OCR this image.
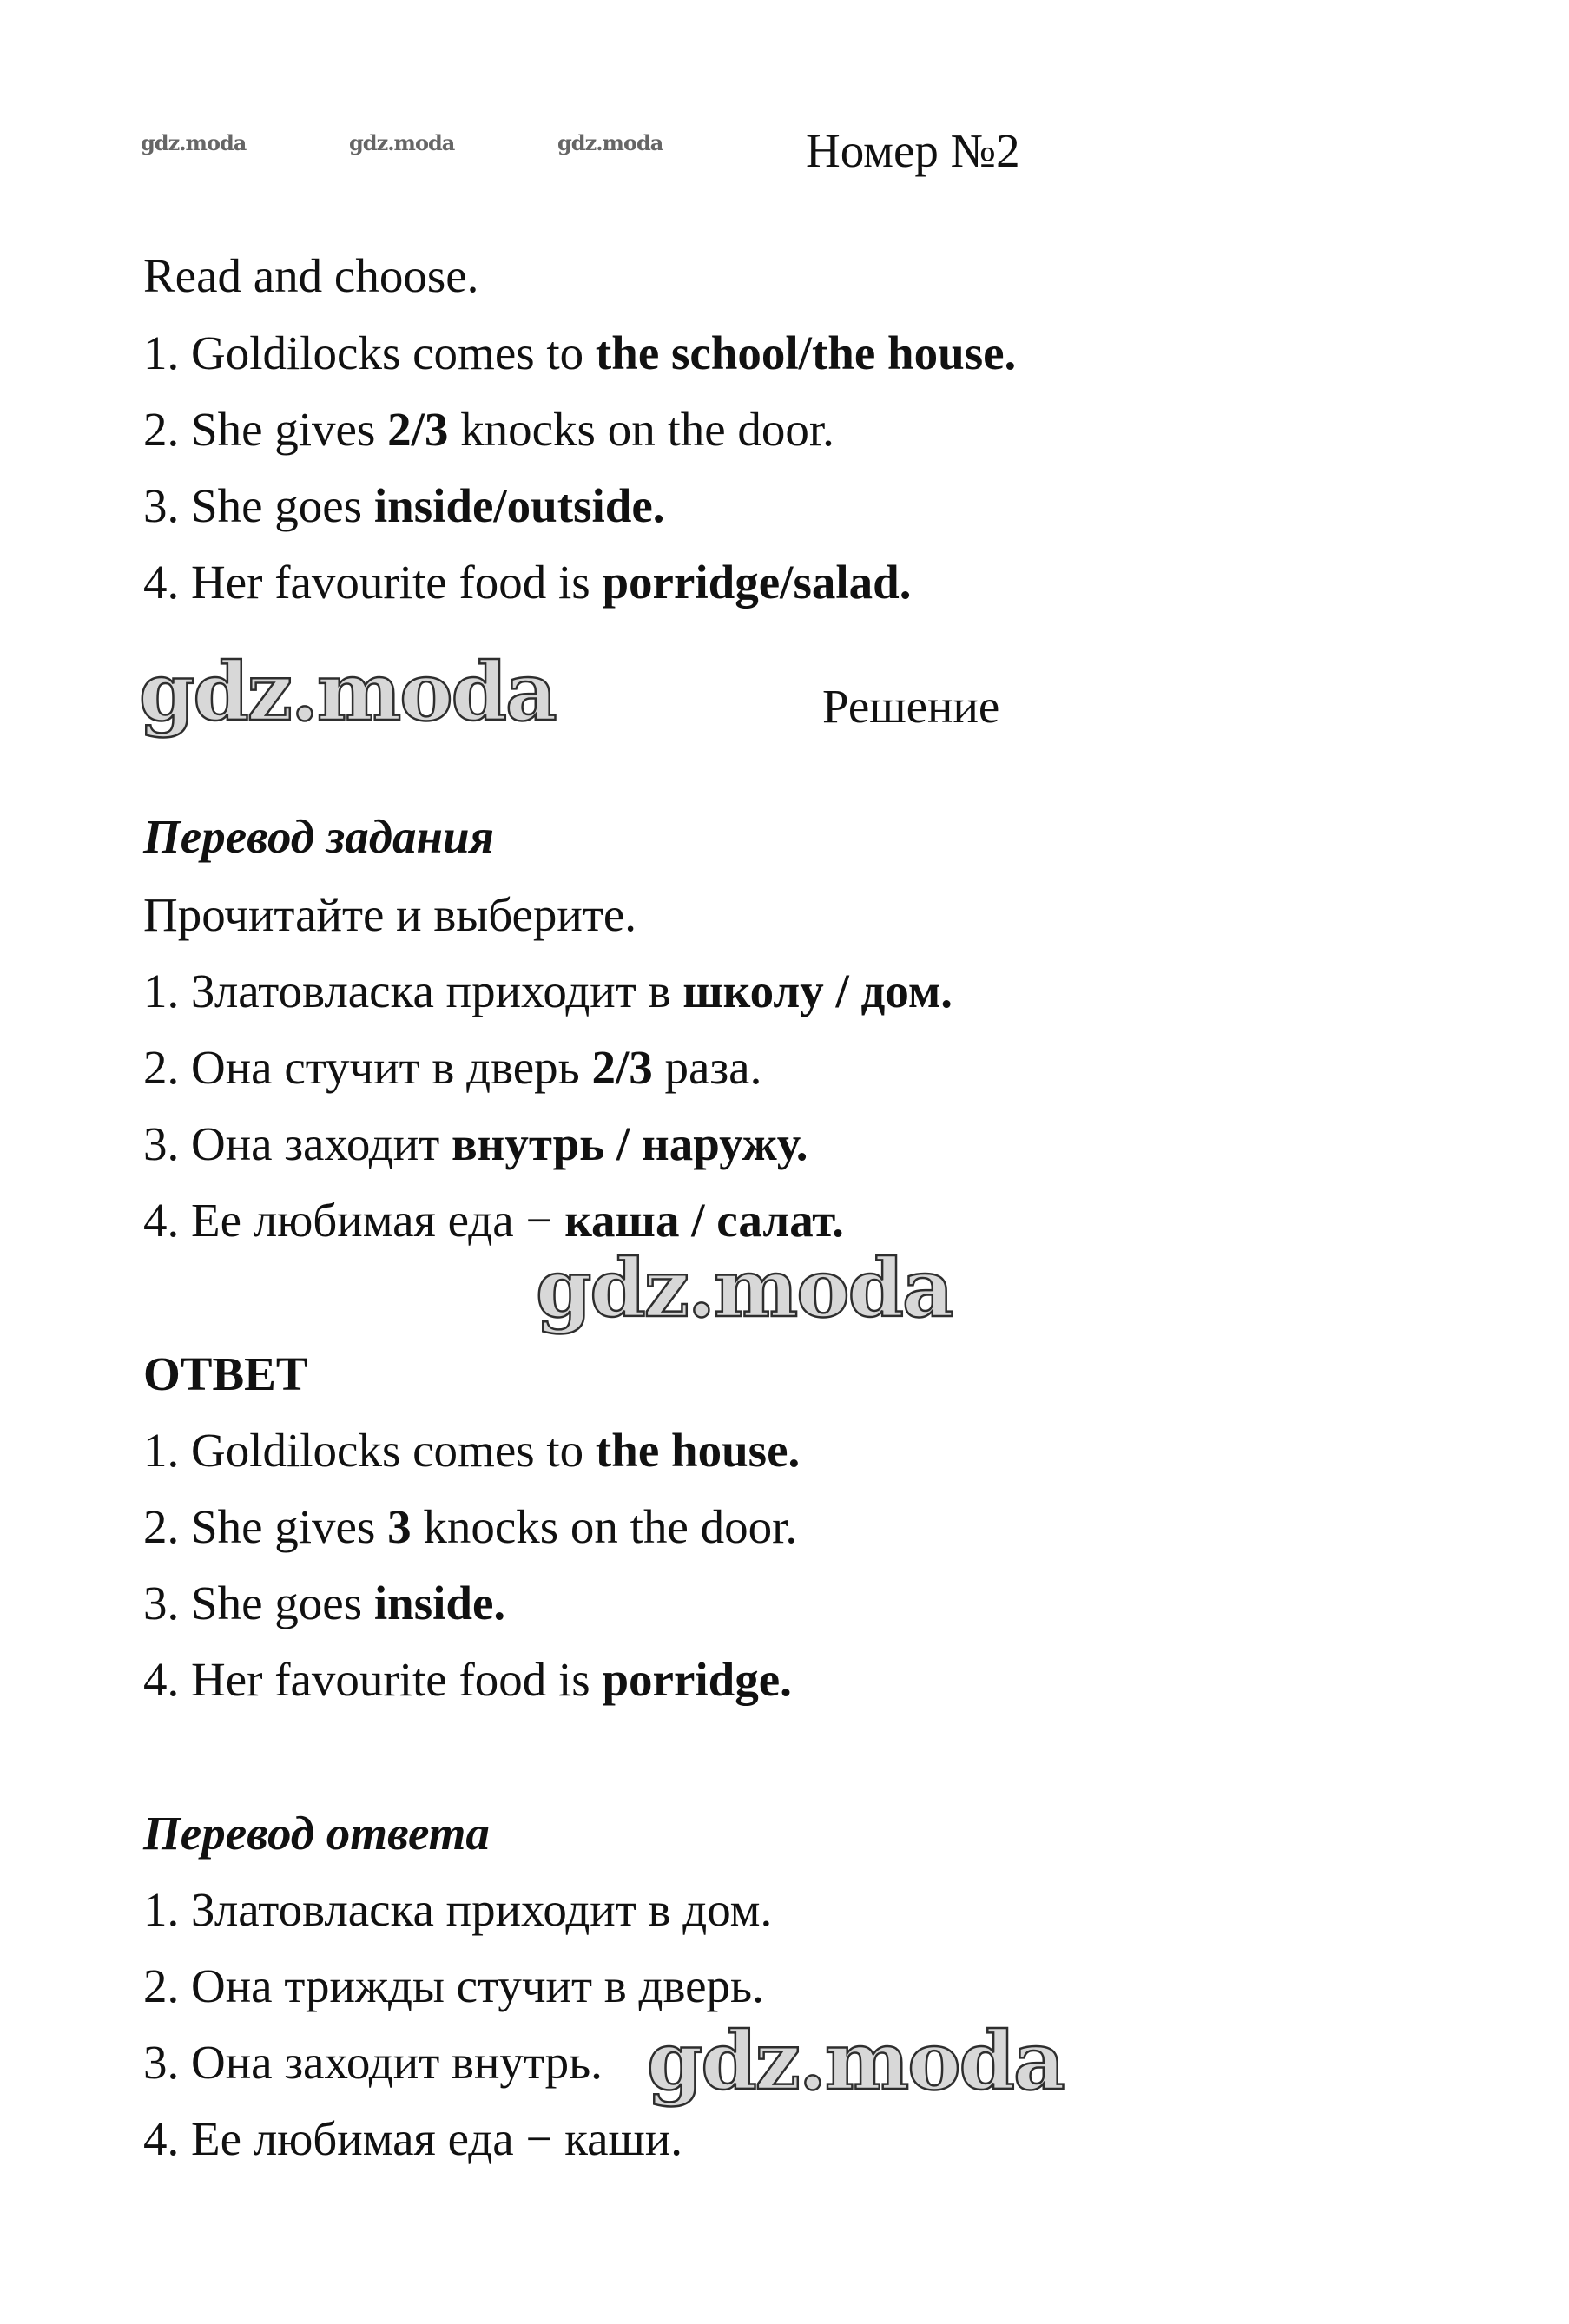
gdz.moda	gdz.moda	gdz.moda	Номер №2
Read and choose.
1. Goldilocks comes to the school/the house.
2. She gives 2/3 knocks on the door.
3. She goes inside/outside.
4. Her favourite food is porridge/salad.
gdz.moda	Решение
Перевод задания
Прочитайте и выберите.
1. Златовласка приходит в школу / дом.
2. Она стучит в дверь 2/3 раза.
3. Она заходит внутрь / наружу.
4. Ее любимая еда − каша / салат.
gdz.moda
ОТВЕТ
1. Goldilocks comes to the house.
2. She gives 3 knocks on the door.
3. She goes inside.
4. Her favourite food is porridge.
Перевод ответа
1. Златовласка приходит в дом.
2. Она трижды стучит в дверь.
3. Она заходит внутрь. gdz.moda
4. Ее любимая еда − каши.
